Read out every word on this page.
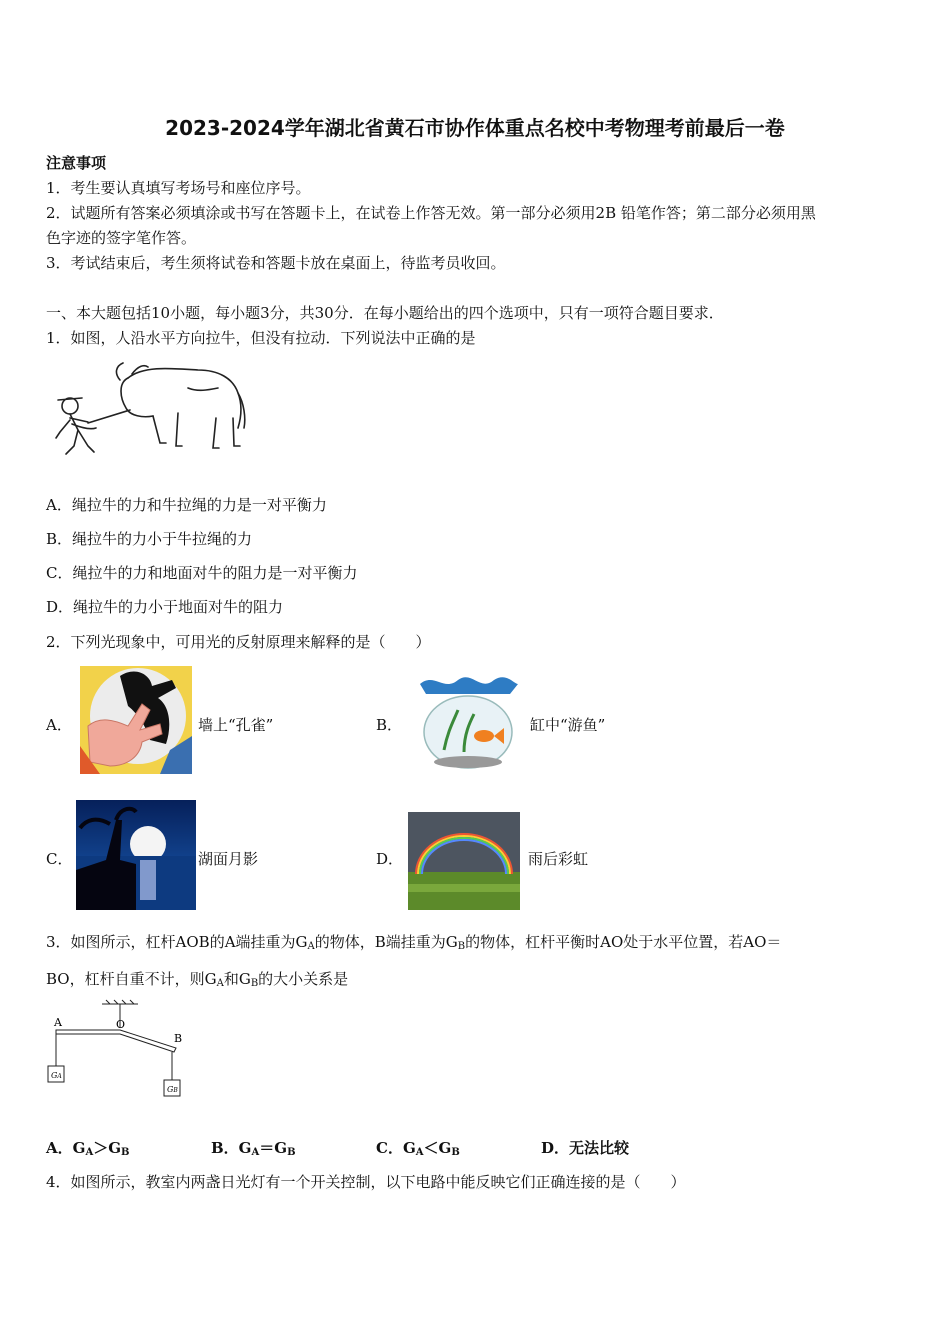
2023-2024学年湖北省黄石市协作体重点名校中考物理考前最后一卷
注意事项
1．考生要认真填写考场号和座位序号。
2．试题所有答案必须填涂或书写在答题卡上，在试卷上作答无效。第一部分必须用2B 铅笔作答；第二部分必须用黑
色字迹的签字笔作答。
3．考试结束后，考生须将试卷和答题卡放在桌面上，待监考员收回。
一、本大题包括10小题，每小题3分，共30分．在每小题给出的四个选项中，只有一项符合题目要求．
1．如图，人沿水平方向拉牛，但没有拉动．下列说法中正确的是
A．绳拉牛的力和牛拉绳的力是一对平衡力
B．绳拉牛的力小于牛拉绳的力
C．绳拉牛的力和地面对牛的阻力是一对平衡力
D．绳拉牛的力小于地面对牛的阻力
2．下列光现象中，可用光的反射原理来解释的是（　　）
A．	墙上“孔雀”	B．	缸中“游鱼”
C．	湖面月影	D．	雨后彩虹
3．如图所示，杠杆AOB的A端挂重为$G_A$的物体，B端挂重为$G_B$的物体，杠杆平衡时AO处于水平位置，若AO＝
BO，杠杆自重不计，则$G_A$和$G_B$的大小关系是
A	O
B
GA
GB
A．$G_A>G_B$	B．$G_A=G_B$	C．$G_A<G_B$	D．无法比较
4．如图所示，教室内两盏日光灯有一个开关控制，以下电路中能反映它们正确连接的是（　　）
